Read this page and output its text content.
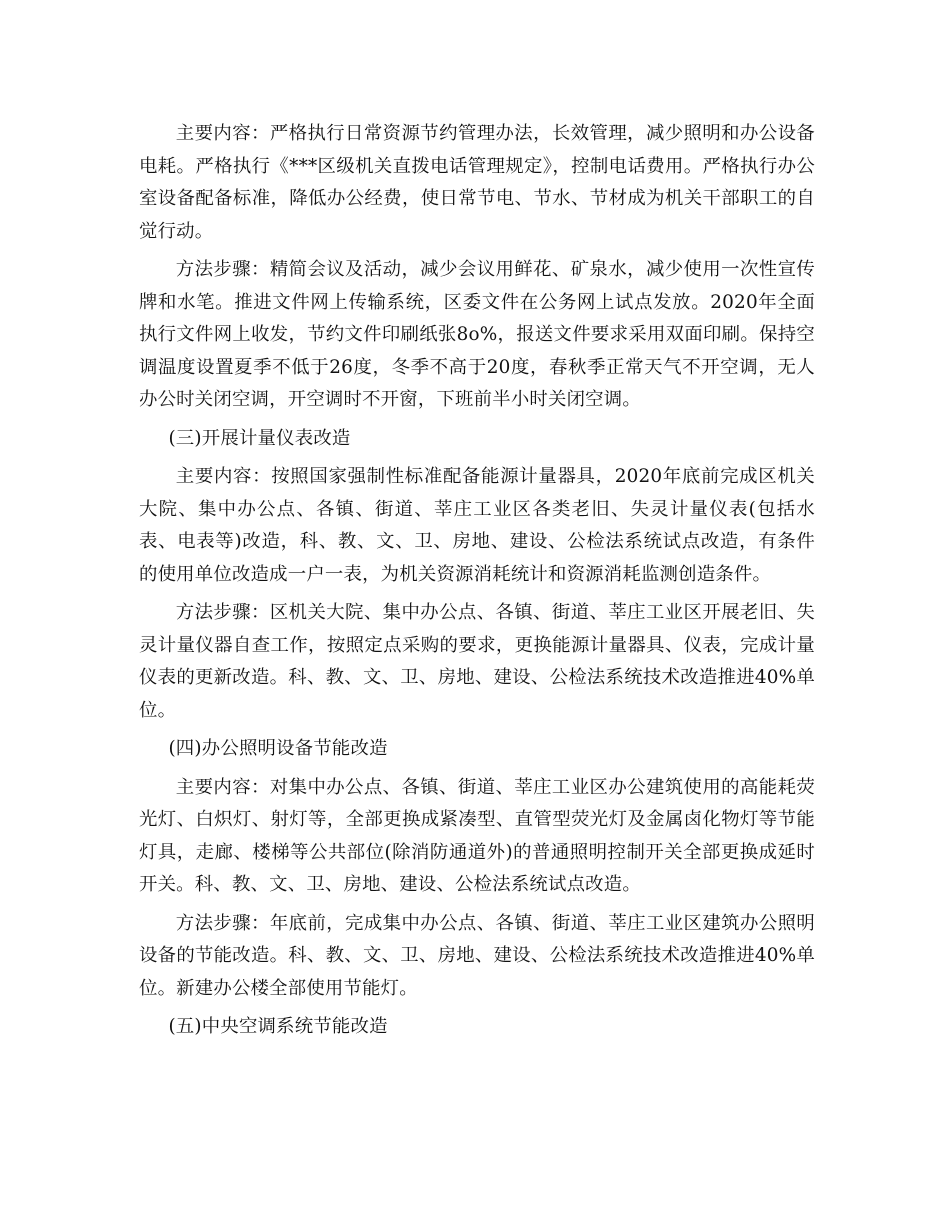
主要内容：严格执行日常资源节约管理办法，长效管理，减少照明和办公设备电耗。严格执行《***区级机关直拨电话管理规定》，控制电话费用。严格执行办公室设备配备标准，降低办公经费，使日常节电、节水、节材成为机关干部职工的自觉行动。

方法步骤：精简会议及活动，减少会议用鲜花、矿泉水，减少使用一次性宣传牌和水笔。推进文件网上传输系统，区委文件在公务网上试点发放。2020年全面执行文件网上收发，节约文件印刷纸张8o%，报送文件要求采用双面印刷。保持空调温度设置夏季不低于26度，冬季不高于20度，春秋季正常天气不开空调，无人办公时关闭空调，开空调时不开窗，下班前半小时关闭空调。

(三)开展计量仪表改造

主要内容：按照国家强制性标准配备能源计量器具，2020年底前完成区机关大院、集中办公点、各镇、街道、莘庄工业区各类老旧、失灵计量仪表(包括水表、电表等)改造，科、教、文、卫、房地、建设、公检法系统试点改造，有条件的使用单位改造成一户一表，为机关资源消耗统计和资源消耗监测创造条件。

方法步骤：区机关大院、集中办公点、各镇、街道、莘庄工业区开展老旧、失灵计量仪器自查工作，按照定点采购的要求，更换能源计量器具、仪表，完成计量仪表的更新改造。科、教、文、卫、房地、建设、公检法系统技术改造推进40%单位。

(四)办公照明设备节能改造

主要内容：对集中办公点、各镇、街道、莘庄工业区办公建筑使用的高能耗荧光灯、白炽灯、射灯等，全部更换成紧凑型、直管型荧光灯及金属卤化物灯等节能灯具，走廊、楼梯等公共部位(除消防通道外)的普通照明控制开关全部更换成延时开关。科、教、文、卫、房地、建设、公检法系统试点改造。

方法步骤：年底前，完成集中办公点、各镇、街道、莘庄工业区建筑办公照明设备的节能改造。科、教、文、卫、房地、建设、公检法系统技术改造推进40%单位。新建办公楼全部使用节能灯。

(五)中央空调系统节能改造
